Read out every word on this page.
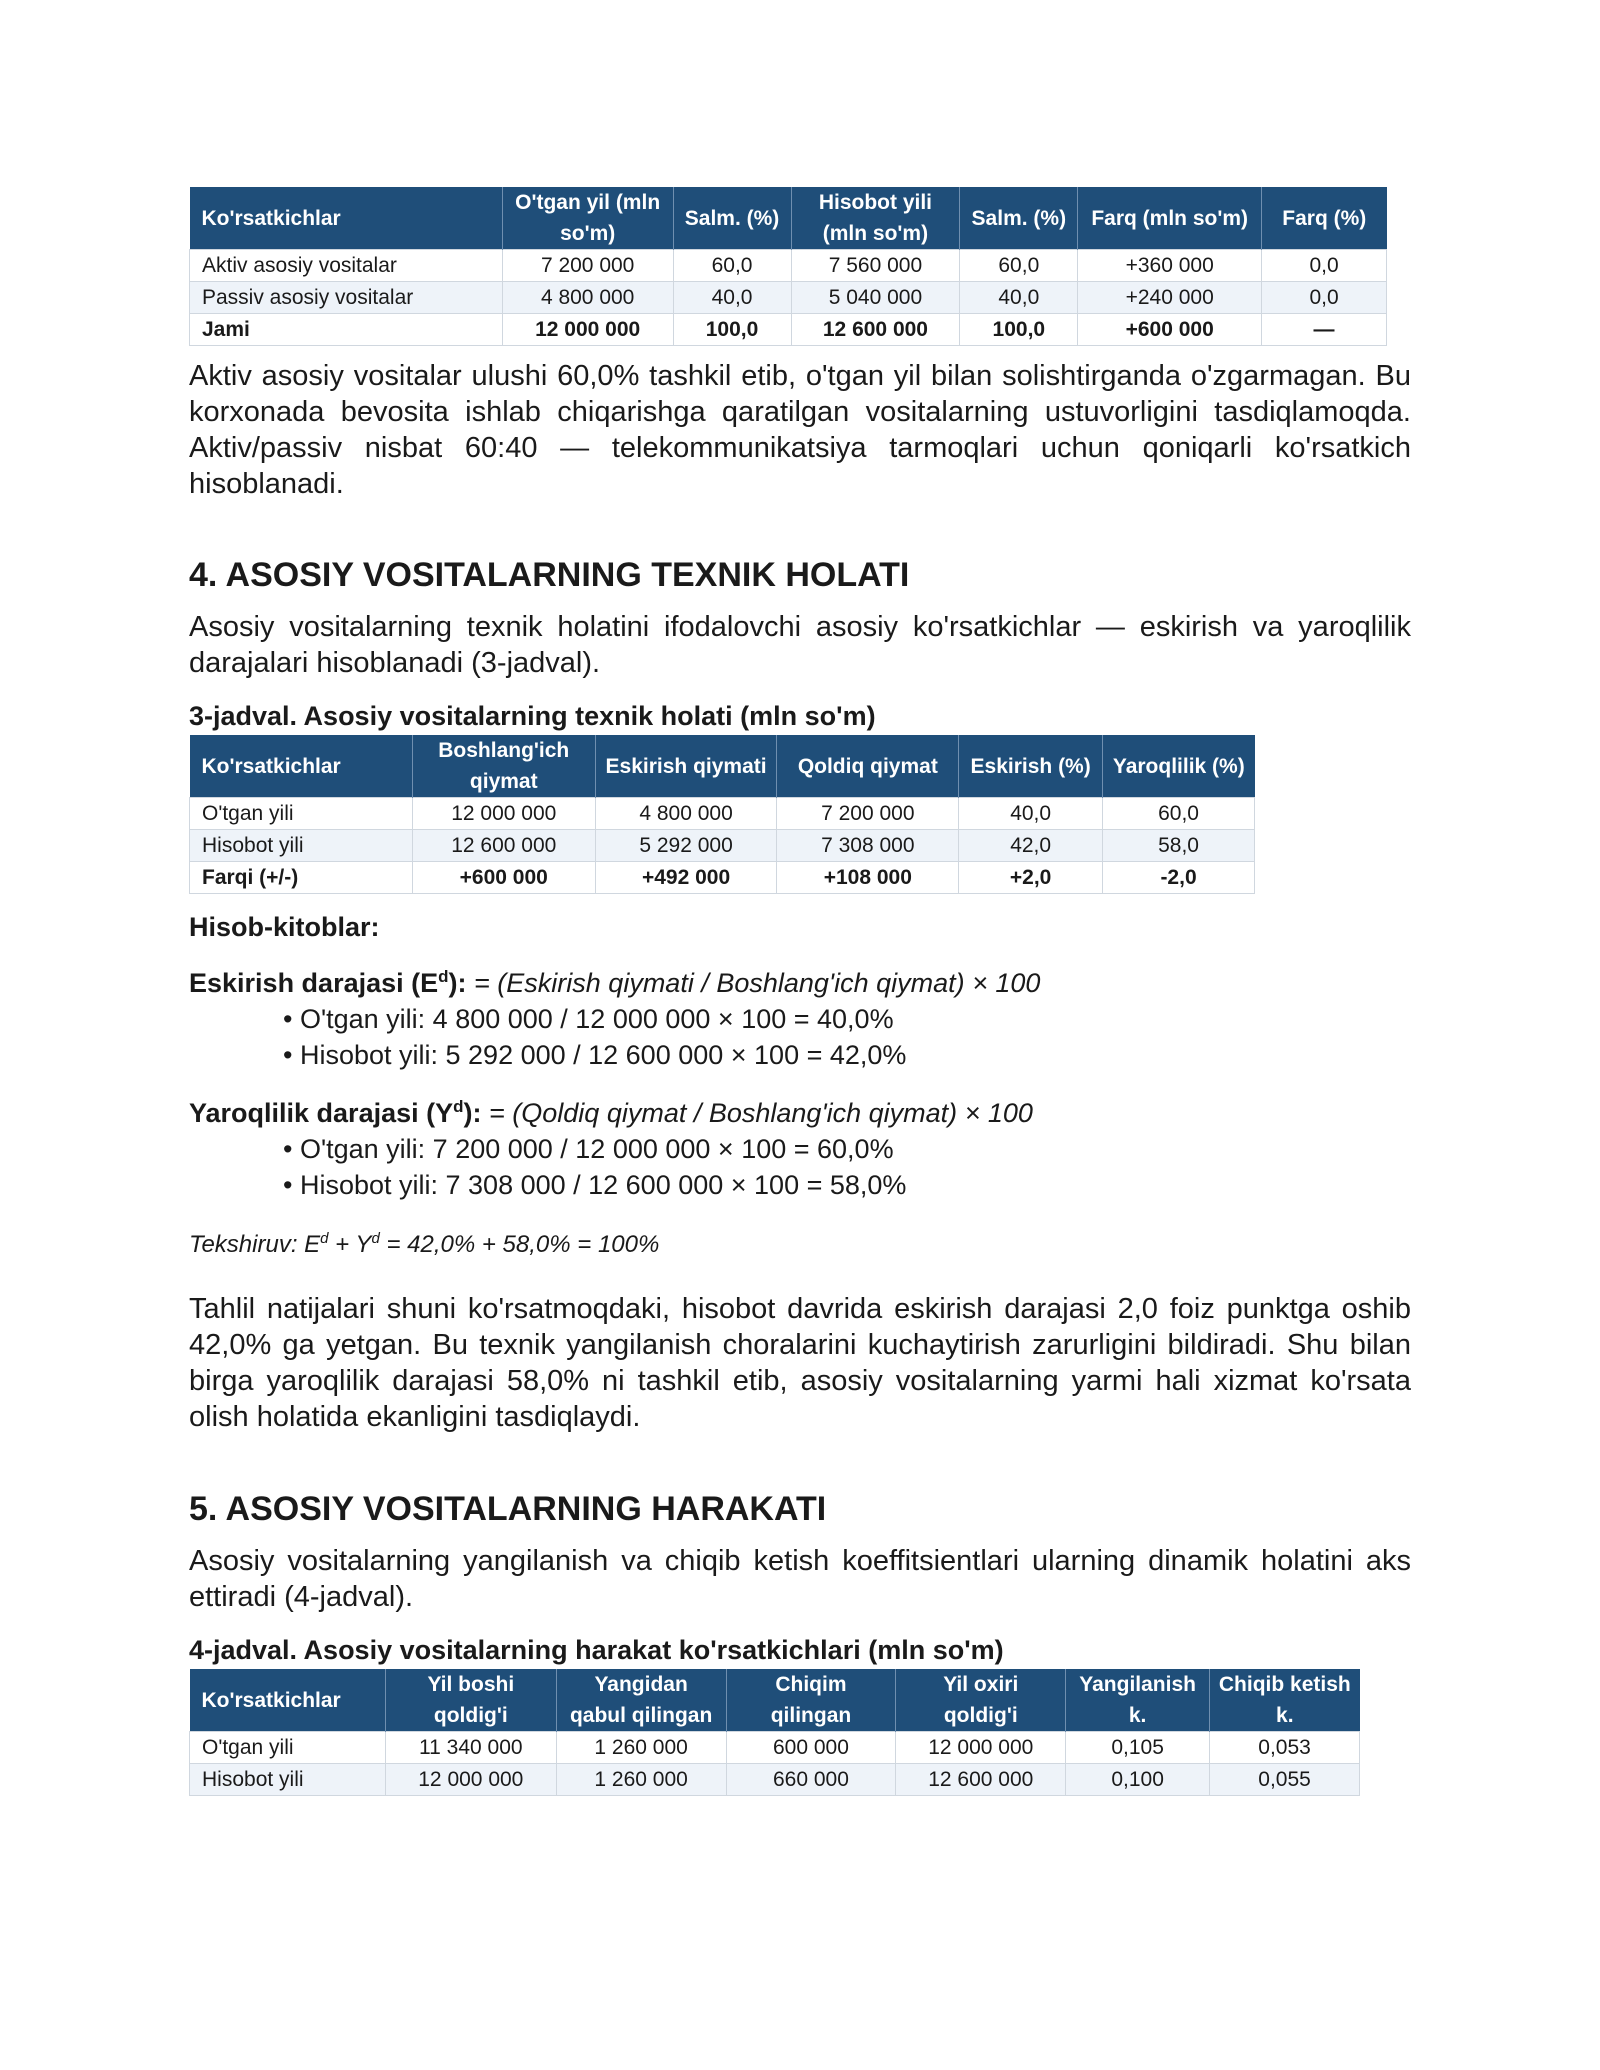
Ko'rsatkichlar	O'tgan yil (mln so'm)	Salm. (%)	Hisobot yili (mln so'm)	Salm. (%)	Farq (mln so'm)	Farq (%)
Aktiv asosiy vositalar	7 200 000	60,0	7 560 000	60,0	+360 000	0,0
Passiv asosiy vositalar	4 800 000	40,0	5 040 000	40,0	+240 000	0,0
Jami	12 000 000	100,0	12 600 000	100,0	+600 000	—

Aktiv asosiy vositalar ulushi 60,0% tashkil etib, o'tgan yil bilan solishtirganda o'zgarmagan. Bu korxonada bevosita ishlab chiqarishga qaratilgan vositalarning ustuvorligini tasdiqlamoqda. Aktiv/passiv nisbat 60:40 — telekommunikatsiya tarmoqlari uchun qoniqarli ko'rsatkich hisoblanadi.

4. ASOSIY VOSITALARNING TEXNIK HOLATI

Asosiy vositalarning texnik holatini ifodalovchi asosiy ko'rsatkichlar — eskirish va yaroqlilik darajalari hisoblanadi (3-jadval).

3-jadval. Asosiy vositalarning texnik holati (mln so'm)

Ko'rsatkichlar	Boshlang'ich qiymat	Eskirish qiymati	Qoldiq qiymat	Eskirish (%)	Yaroqlilik (%)
O'tgan yili	12 000 000	4 800 000	7 200 000	40,0	60,0
Hisobot yili	12 600 000	5 292 000	7 308 000	42,0	58,0
Farqi (+/-)	+600 000	+492 000	+108 000	+2,0	-2,0

Hisob-kitoblar:

Eskirish darajasi $(E^d)$: = (Eskirish qiymati / Boshlang'ich qiymat) × 100

• O'tgan yili: 4 800 000 / 12 000 000 × 100 = 40,0%
• Hisobot yili: 5 292 000 / 12 600 000 × 100 = 42,0%

Yaroqlilik darajasi $(Y^d)$: = (Qoldiq qiymat / Boshlang'ich qiymat) × 100

• O'tgan yili: 7 200 000 / 12 000 000 × 100 = 60,0%
• Hisobot yili: 7 308 000 / 12 600 000 × 100 = 58,0%

Tekshiruv: $E^d + Y^d = 42,0\% + 58,0\% = 100\%$

Tahlil natijalari shuni ko'rsatmoqdaki, hisobot davrida eskirish darajasi 2,0 foiz punktga oshib 42,0% ga yetgan. Bu texnik yangilanish choralarini kuchaytirish zarurligini bildiradi. Shu bilan birga yaroqlilik darajasi 58,0% ni tashkil etib, asosiy vositalarning yarmi hali xizmat ko'rsata olish holatida ekanligini tasdiqlaydi.

5. ASOSIY VOSITALARNING HARAKATI

Asosiy vositalarning yangilanish va chiqib ketish koeffitsientlari ularning dinamik holatini aks ettiradi (4-jadval).

4-jadval. Asosiy vositalarning harakat ko'rsatkichlari (mln so'm)

Ko'rsatkichlar	Yil boshi qoldig'i	Yangidan qabul qilingan	Chiqim qilingan	Yil oxiri qoldig'i	Yangilanish k.	Chiqib ketish k.
O'tgan yili	11 340 000	1 260 000	600 000	12 000 000	0,105	0,053
Hisobot yili	12 000 000	1 260 000	660 000	12 600 000	0,100	0,055
